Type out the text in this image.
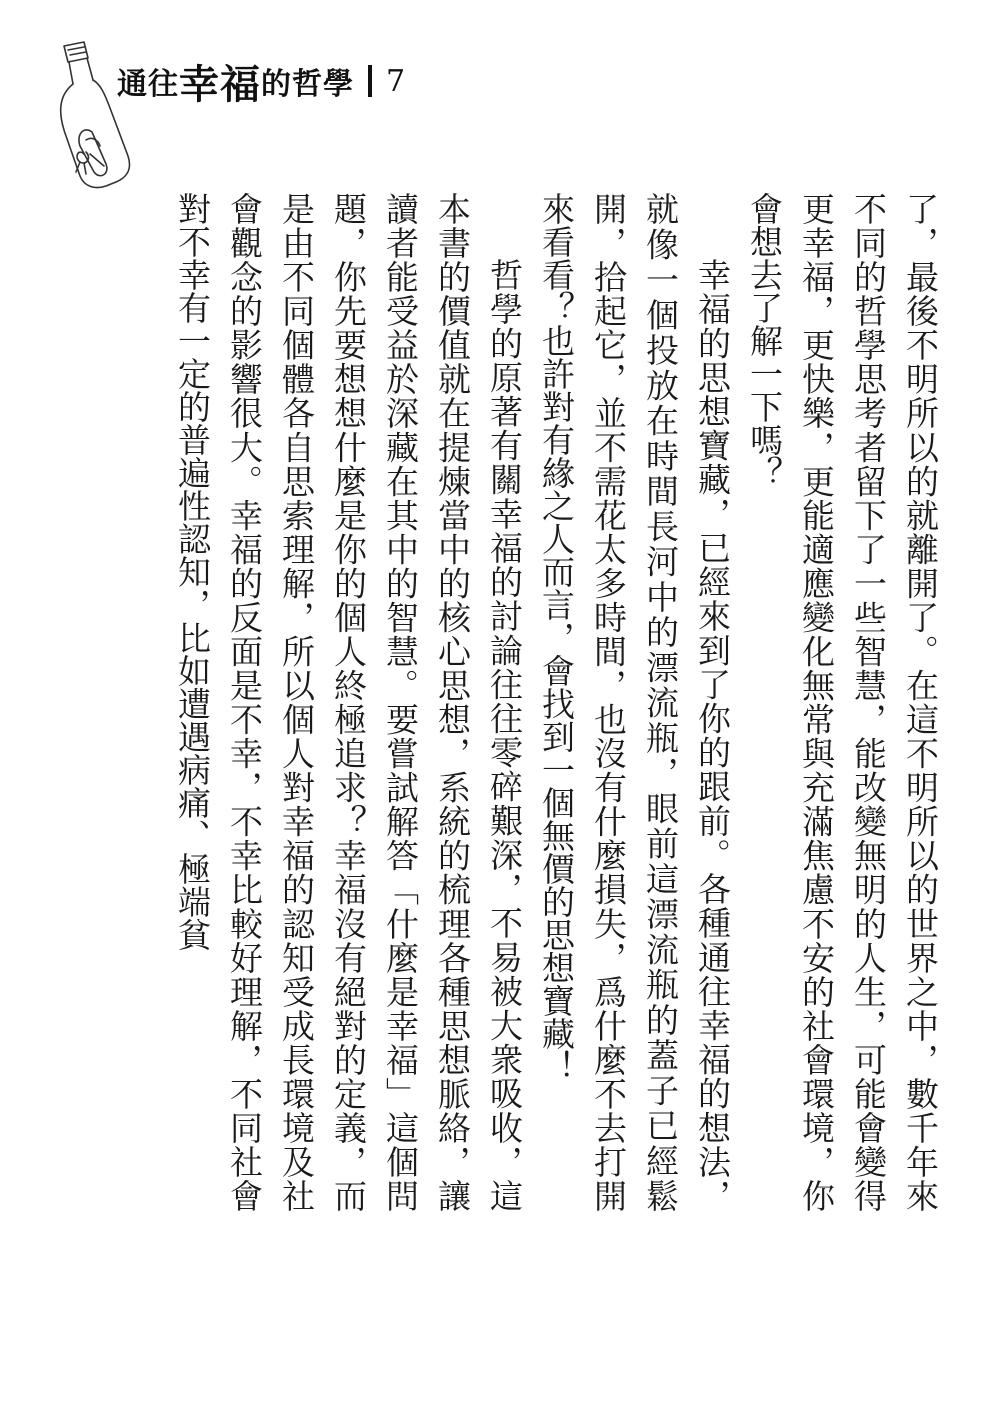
通往 幸福 的哲學 7

了，最後不明所以的就離開了。在這不明所以的世界之中，數千年來不同的哲學思考者留下了一些智慧，能改變無明的人生，可能會變得更幸福，更快樂，更能適應變化無常與充滿焦慮不安的社會環境，你會想去了解一下嗎？

幸福的思想寶藏，已經來到了你的跟前。各種通往幸福的想法，就像一個投放在時間長河中的漂流瓶，眼前這漂流瓶的蓋子已經鬆開，拾起它，並不需花太多時間，也沒有什麼損失，爲什麼不去打開來看看？也許對有緣之人而言，會找到一個無價的思想寶藏！

哲學的原著有關幸福的討論往往零碎艱深，不易被大衆吸收，這本書的價值就在提煉當中的核心思想，系統的梳理各種思想脈絡，讓讀者能受益於深藏在其中的智慧。要嘗試解答「什麼是幸福」這個問題，你先要想想什麼是你的個人終極追求？幸福沒有絕對的定義，而是由不同個體各自思索理解，所以個人對幸福的認知受成長環境及社會觀念的影響很大。幸福的反面是不幸，不幸比較好理解，不同社會對不幸有一定的普遍性認知，比如遭遇病痛、極端貧
